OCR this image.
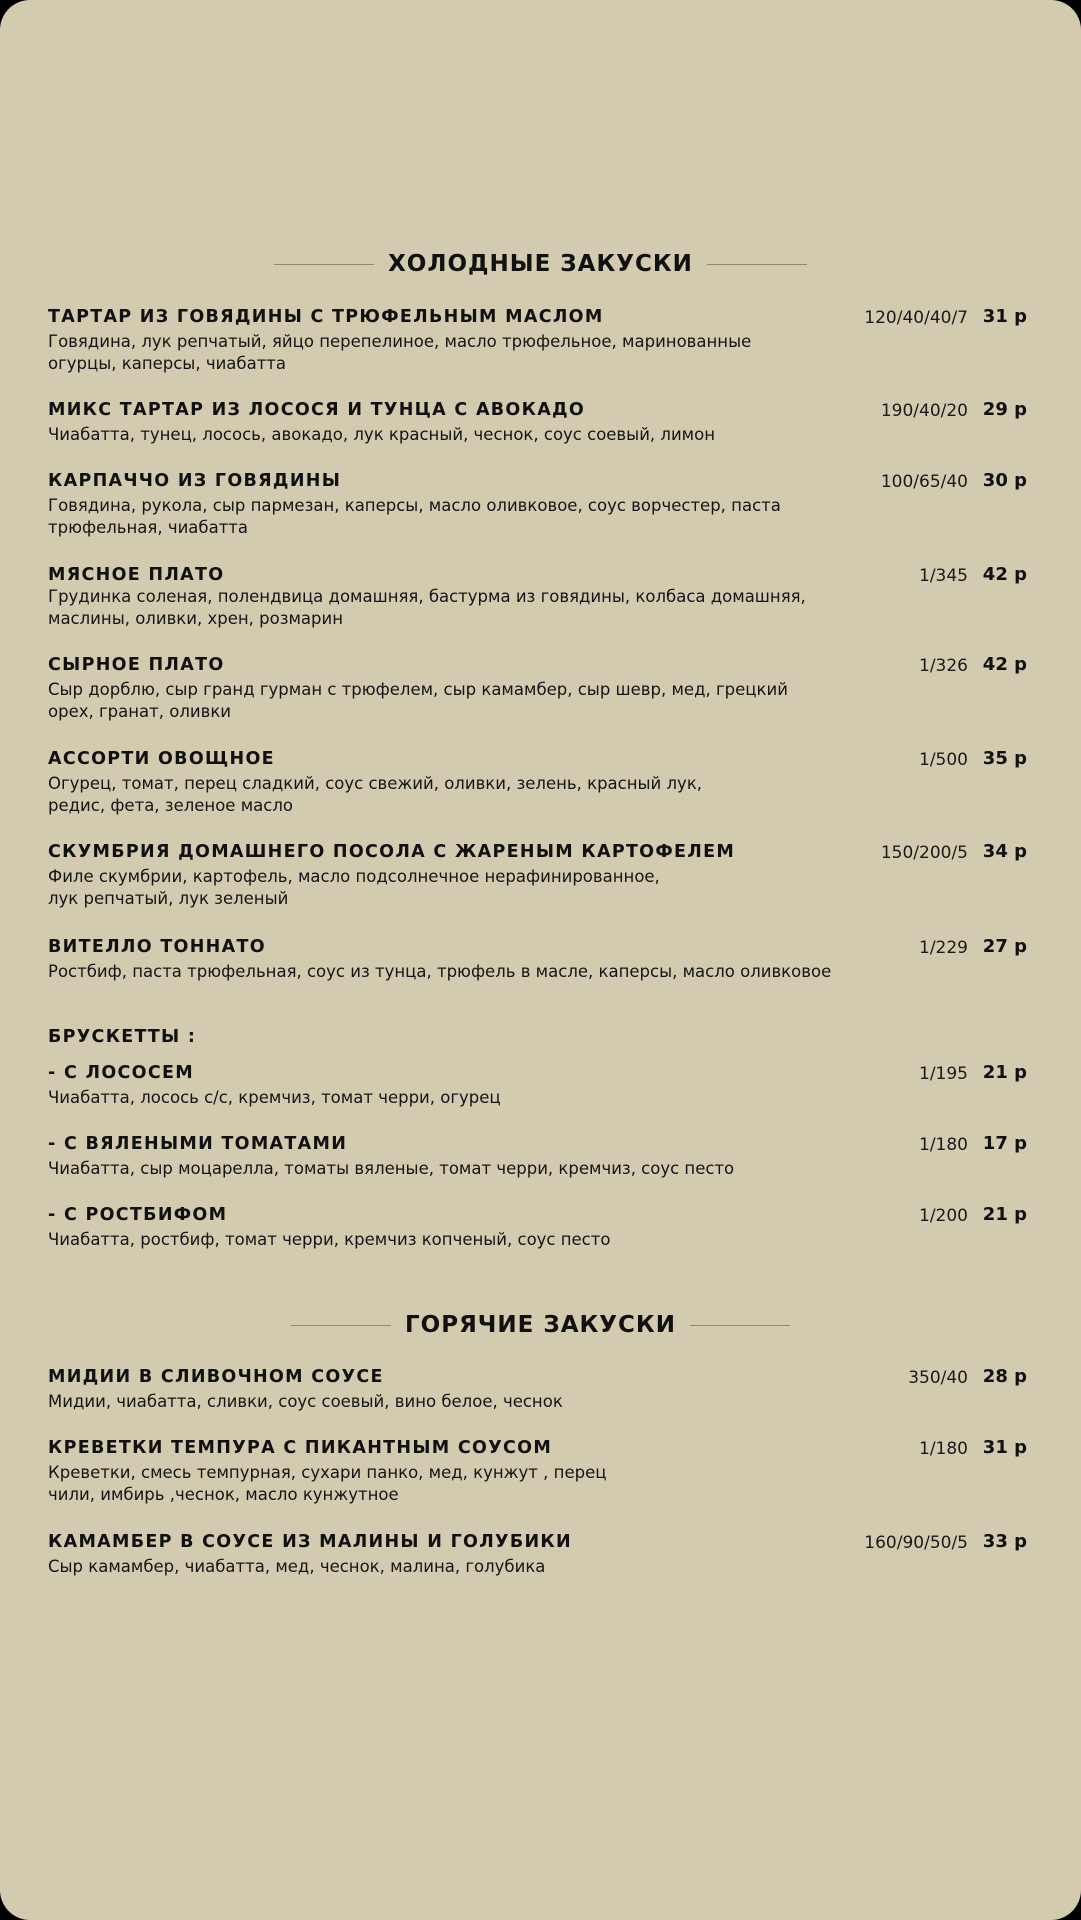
ХОЛОДНЫЕ ЗАКУСКИ
ТАРТАР ИЗ ГОВЯДИНЫ С ТРЮФЕЛЬНЫМ МАСЛОМ
Говядина, лук репчатый, яйцо перепелиное, масло трюфельное, маринованные огурцы, каперсы, чиабатта
120/40/40/7 31 р
МИКС ТАРТАР ИЗ ЛОСОСЯ И ТУНЦА С АВОКАДО
Чиабатта, тунец, лосось, авокадо, лук красный, чеснок, соус соевый, лимон
190/40/20 29 р
КАРПАЧЧО ИЗ ГОВЯДИНЫ
Говядина, рукола, сыр пармезан, каперсы, масло оливковое, соус ворчестер, паста трюфельная, чиабатта
100/65/40 30 р
МЯСНОЕ ПЛАТО
Грудинка соленая, полендвица домашняя, бастурма из говядины, колбаса домашняя, маслины, оливки, хрен, розмарин
1/345 42 р
СЫРНОЕ ПЛАТО
Сыр дорблю, сыр гранд гурман с трюфелем, сыр камамбер, сыр шевр, мед, грецкий орех, гранат, оливки
1/326 42 р
АССОРТИ ОВОЩНОЕ
Огурец, томат, перец сладкий, соус свежий, оливки, зелень, красный лук, редис, фета, зеленое масло
1/500 35 р
СКУМБРИЯ ДОМАШНЕГО ПОСОЛА С ЖАРЕНЫМ КАРТОФЕЛЕМ
Филе скумбрии, картофель, масло подсолнечное нерафинированное, лук репчатый, лук зеленый
150/200/5 34 р
ВИТЕЛЛО ТОННАТО
Ростбиф, паста трюфельная, соус из тунца, трюфель в масле, каперсы, масло оливковое
1/229 27 р
БРУСКЕТТЫ :
- С ЛОСОСЕМ
Чиабатта, лосось с/с, кремчиз, томат черри, огурец
1/195 21 р
- С ВЯЛЕНЫМИ ТОМАТАМИ
Чиабатта, сыр моцарелла, томаты вяленые, томат черри, кремчиз, соус песто
1/180 17 р
- С РОСТБИФОМ
Чиабатта, ростбиф, томат черри, кремчиз копченый, соус песто
1/200 21 р
ГОРЯЧИЕ ЗАКУСКИ
МИДИИ В СЛИВОЧНОМ СОУСЕ
Мидии, чиабатта, сливки, соус соевый, вино белое, чеснок
350/40 28 р
КРЕВЕТКИ ТЕМПУРА С ПИКАНТНЫМ СОУСОМ
Креветки, смесь темпурная, сухари панко, мед, кунжут , перец чили, имбирь ,чеснок, масло кунжутное
1/180 31 р
КАМАМБЕР В СОУСЕ ИЗ МАЛИНЫ И ГОЛУБИКИ
Сыр камамбер, чиабатта, мед, чеснок, малина, голубика
160/90/50/5 33 р
